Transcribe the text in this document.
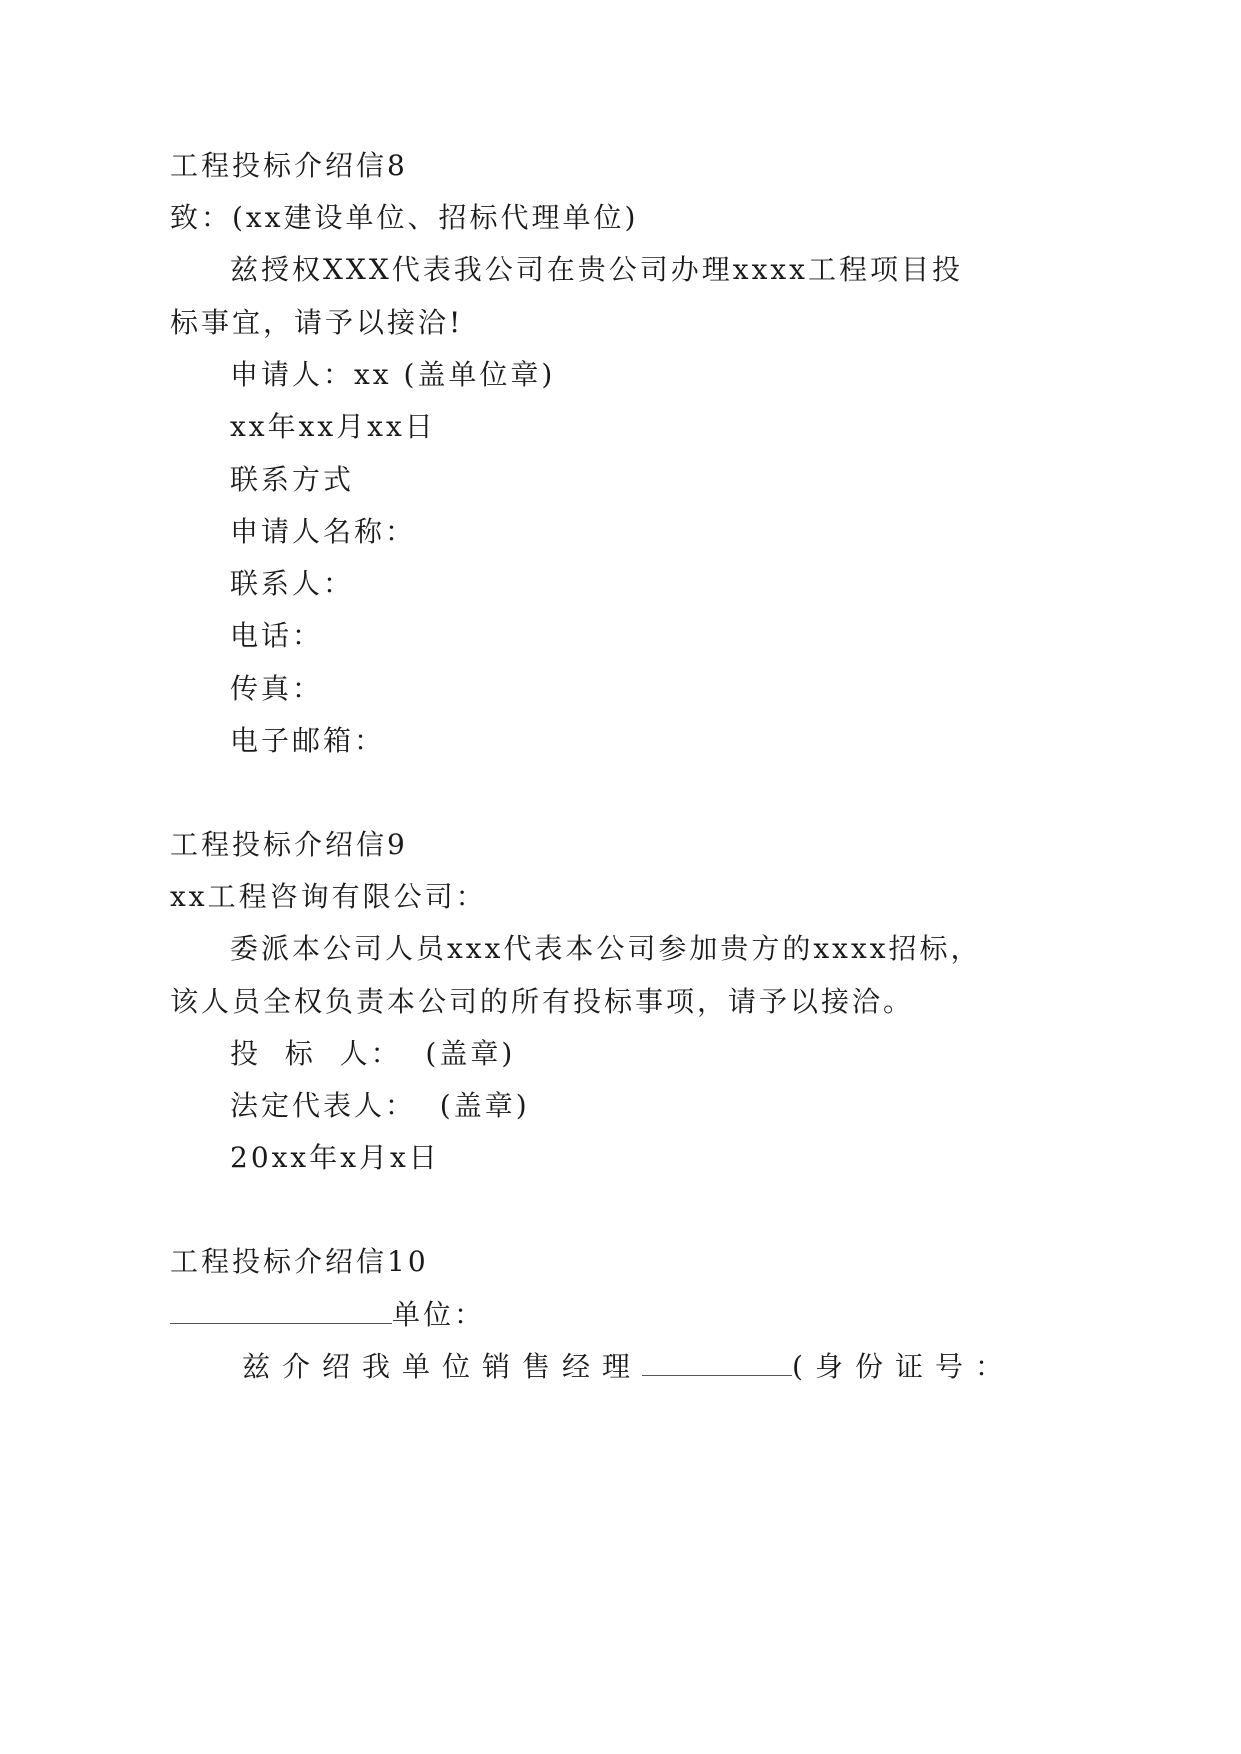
工程投标介绍信8
致：(xx建设单位、招标代理单位)
兹授权XXX代表我公司在贵公司办理xxxx工程项目投
标事宜，请予以接洽!
申请人：xx (盖单位章)
xx年xx月xx日
联系方式
申请人名称：
联系人：
电话：
传真：
电子邮箱：
工程投标介绍信9
xx工程咨询有限公司：
委派本公司人员xxx代表本公司参加贵方的xxxx招标，
该人员全权负责本公司的所有投标事项，请予以接洽。
投  标  人：  (盖章)
法定代表人：  (盖章)
20xx年x月x日
工程投标介绍信10
单位：
兹介绍我单位销售经理	(身份证号：
